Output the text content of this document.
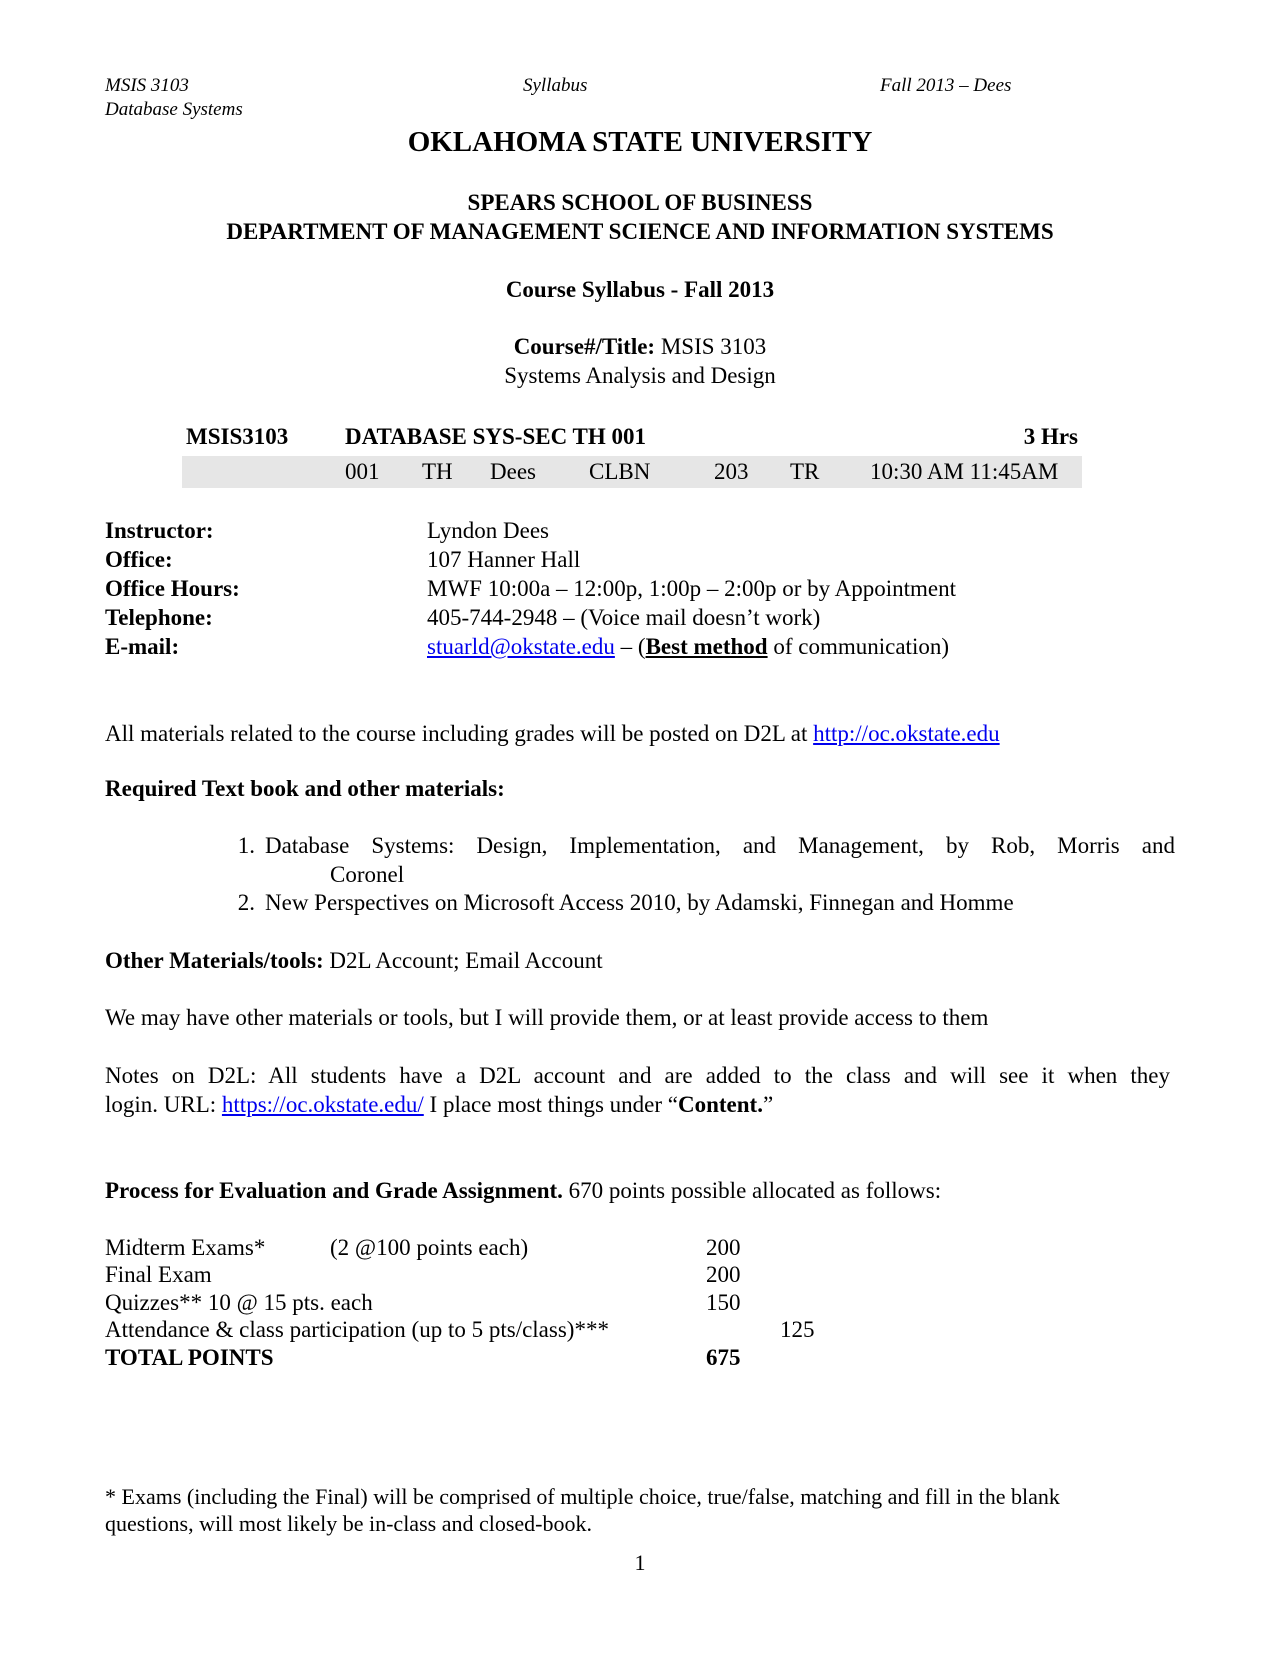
MSIS 3103
Database Systems
Syllabus	Fall 2013 – Dees
OKLAHOMA STATE UNIVERSITY
SPEARS SCHOOL OF BUSINESS
DEPARTMENT OF MANAGEMENT SCIENCE AND INFORMATION SYSTEMS
Course Syllabus - Fall 2013
Course#/Title: MSIS 3103
Systems Analysis and Design
MSIS3103 DATABASE SYS-SEC TH 001	3 Hrs
001 TH Dees CLBN	203 TR 10:30 AM 11:45AM
Instructor:	Lyndon Dees
Office:	107 Hanner Hall
Office Hours:	MWF 10:00a – 12:00p, 1:00p – 2:00p or by Appointment
Telephone:	405-744-2948 – (Voice mail doesn’t work)
E-mail:	stuarld@okstate.edu – (Best method of communication)
All materials related to the course including grades will be posted on D2L at http://oc.okstate.edu
Required Text book and other materials:
1. Database Systems: Design, Implementation, and Management, by Rob, Morris and
Coronel
2. New Perspectives on Microsoft Access 2010, by Adamski, Finnegan and Homme
Other Materials/tools: D2L Account; Email Account
We may have other materials or tools, but I will provide them, or at least provide access to them
Notes on D2L: All students have a D2L account and are added to the class and will see it when they
login. URL: https://oc.okstate.edu/ I place most things under “Content.”
Process for Evaluation and Grade Assignment. 670 points possible allocated as follows:
Midterm Exams*	(2 @100 points each)	200
Final Exam	200
Quizzes** 10 @ 15 pts. each	150
Attendance & class participation (up to 5 pts/class)***	125
TOTAL POINTS	675
* Exams (including the Final) will be comprised of multiple choice, true/false, matching and fill in the blank
questions, will most likely be in-class and closed-book.
1
